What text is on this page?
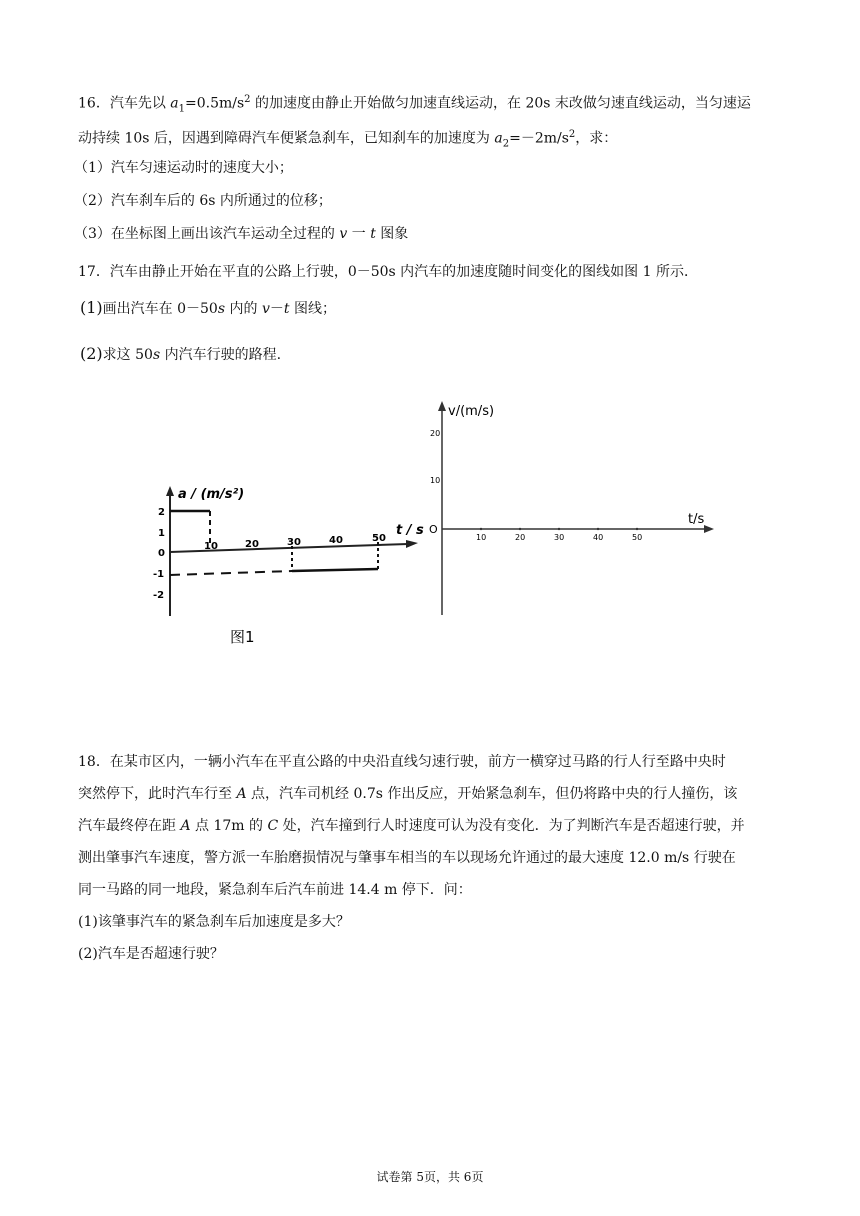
16．汽车先以 $a_1=0.5m/s^2$ 的加速度由静止开始做匀加速直线运动，在 20s 末改做匀速直线运动，当匀速运
动持续 10s 后，因遇到障碍汽车便紧急刹车，已知刹车的加速度为 $a_2=-2m/s^2$，求：
（1）汽车匀速运动时的速度大小；
（2）汽车刹车后的 6s 内所通过的位移；
（3）在坐标图上画出该汽车运动全过程的 v 一 t 图象
17．汽车由静止开始在平直的公路上行驶，0－50s 内汽车的加速度随时间变化的图线如图 1 所示．
(1)画出汽车在 0－50s 内的 v－t 图线；
(2)求这 50s 内汽车行驶的路程.
a / (m/s²)
t / s
2
1
0
-1
-2
10	20	30	40	50
图1
v/(m/s)
t/s
20
10
O
10	20	30	40	50
18．在某市区内，一辆小汽车在平直公路的中央沿直线匀速行驶，前方一横穿过马路的行人行至路中央时
突然停下，此时汽车行至 A 点，汽车司机经 0.7s 作出反应，开始紧急刹车，但仍将路中央的行人撞伤，该
汽车最终停在距 A 点 17m 的 C 处，汽车撞到行人时速度可认为没有变化．为了判断汽车是否超速行驶，并
测出肇事汽车速度，警方派一车胎磨损情况与肇事车相当的车以现场允许通过的最大速度 12.0 m/s 行驶在
同一马路的同一地段，紧急刹车后汽车前进 14.4 m 停下．问：
(1)该肇事汽车的紧急刹车后加速度是多大？
(2)汽车是否超速行驶？
试卷第 5页，共 6页
